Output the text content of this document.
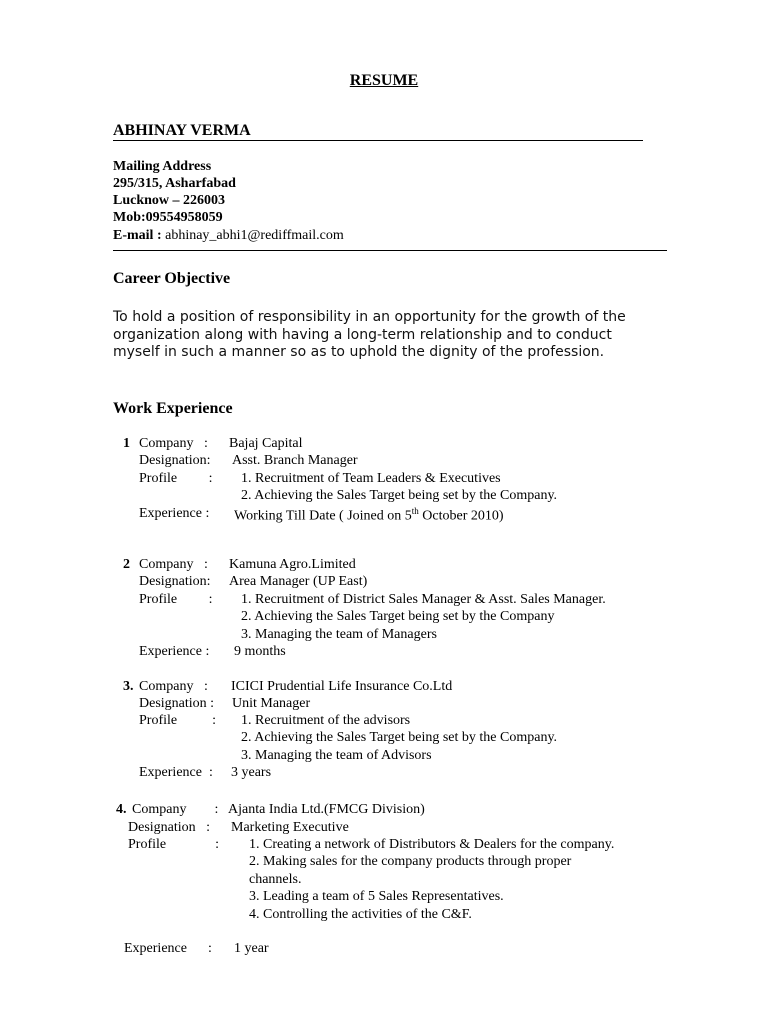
RESUME
ABHINAY VERMA
Mailing Address
295/315, Asharfabad
Lucknow – 226003
Mob:09554958059
E-mail : abhinay_abhi1@rediffmail.com
Career Objective
To hold a position of responsibility in an opportunity for the growth of the organization along with having a long-term relationship and to conduct myself in such a manner so as to uphold the dignity of the profession.
Work Experience
1 Company   : Bajaj Capital
Designation: Asst. Branch Manager
Profile         : 1. Recruitment of Team Leaders & Executives
2. Achieving the Sales Target being set by the Company.
Experience : Working Till Date ( Joined on 5th October 2010)
2 Company   : Kamuna Agro.Limited
Designation: Area Manager (UP East)
Profile         : 1. Recruitment of District Sales Manager & Asst. Sales Manager.
2. Achieving the Sales Target being set by the Company
3. Managing the team of Managers
Experience : 9 months
3. Company   : ICICI Prudential Life Insurance Co.Ltd
Designation : Unit Manager
Profile          : 1. Recruitment of the advisors
2. Achieving the Sales Target being set by the Company.
3. Managing the team of Advisors
Experience  : 3 years
4. Company        : Ajanta India Ltd.(FMCG Division)
Designation   : Marketing Executive
Profile              : 1. Creating a network of Distributors & Dealers for the company.
2. Making sales for the company products through proper
channels.
3. Leading a team of 5 Sales Representatives.
4. Controlling the activities of the C&F.
Experience      : 1 year
